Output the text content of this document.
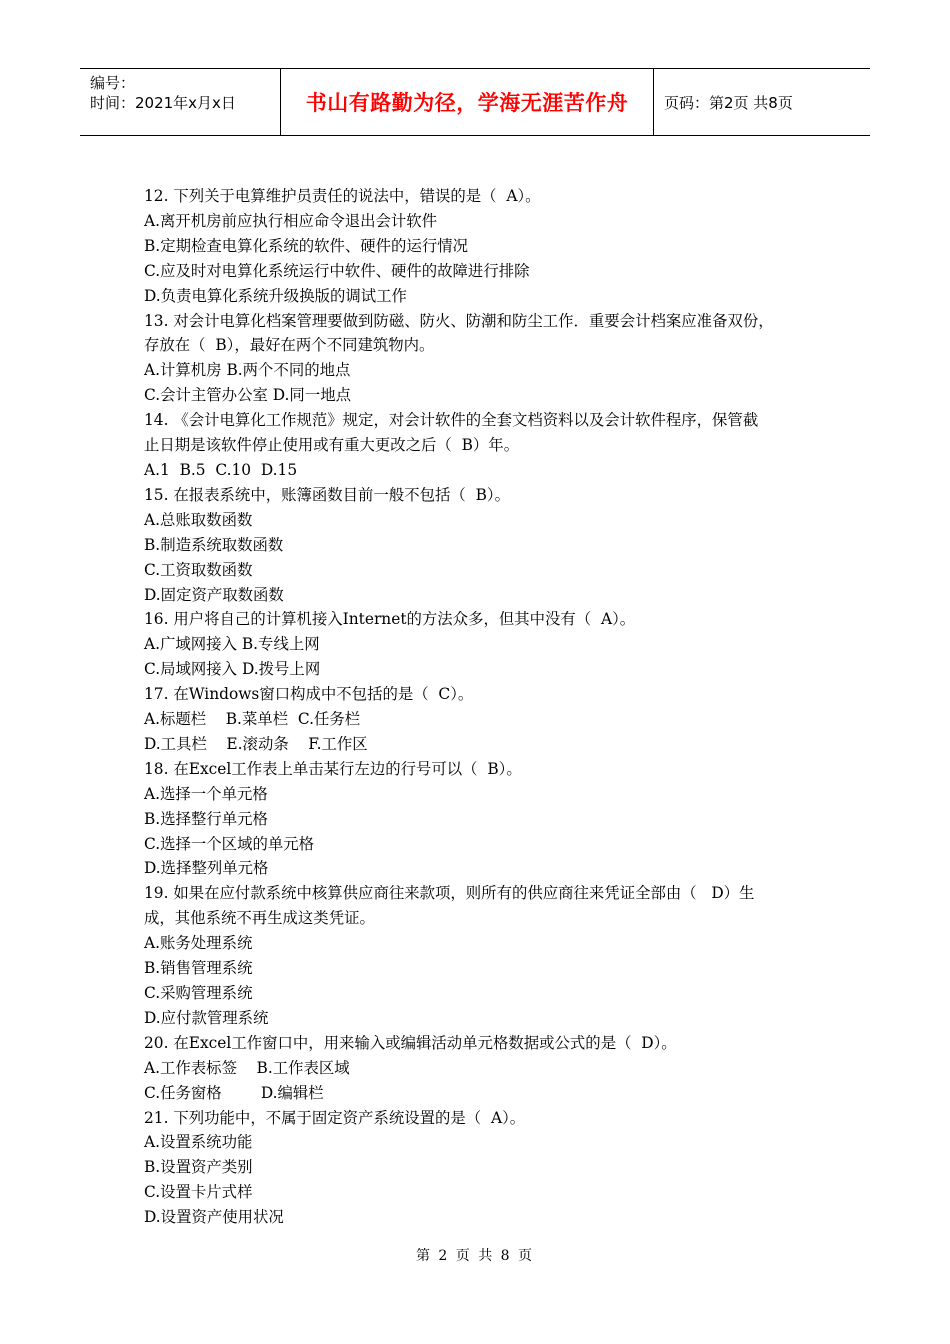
编号：
时间：2021年x月x日	书山有路勤为径，学海无涯苦作舟 页码：第2页 共8页

12. 下列关于电算维护员责任的说法中，错误的是（  A）。

A.离开机房前应执行相应命令退出会计软件

B.定期检查电算化系统的软件、硬件的运行情况

C.应及时对电算化系统运行中软件、硬件的故障进行排除

D.负责电算化系统升级换版的调试工作

13. 对会计电算化档案管理要做到防磁、防火、防潮和防尘工作．重要会计档案应准备双份，

存放在（  B），最好在两个不同建筑物内。

A.计算机房 B.两个不同的地点

C.会计主管办公室 D.同一地点

14. 《会计电算化工作规范》规定，对会计软件的全套文档资料以及会计软件程序，保管截

止日期是该软件停止使用或有重大更改之后（  B）年。

A.1  B.5  C.10  D.15

15. 在报表系统中，账簿函数目前一般不包括（  B）。

A.总账取数函数

B.制造系统取数函数

C.工资取数函数

D.固定资产取数函数

16. 用户将自己的计算机接入Internet的方法众多，但其中没有（  A）。

A.广域网接入 B.专线上网

C.局域网接入 D.拨号上网

17. 在Windows窗口构成中不包括的是（  C）。

A.标题栏    B.菜单栏  C.任务栏

D.工具栏    E.滚动条    F.工作区

18. 在Excel工作表上单击某行左边的行号可以（  B）。

A.选择一个单元格

B.选择整行单元格

C.选择一个区域的单元格

D.选择整列单元格

19. 如果在应付款系统中核算供应商往来款项，则所有的供应商往来凭证全部由（   D）生

成，其他系统不再生成这类凭证。

A.账务处理系统

B.销售管理系统

C.采购管理系统

D.应付款管理系统

20. 在Excel工作窗口中，用来输入或编辑活动单元格数据或公式的是（  D）。

A.工作表标签    B.工作表区域

C.任务窗格        D.编辑栏

21. 下列功能中，不属于固定资产系统设置的是（  A）。

A.设置系统功能

B.设置资产类别

C.设置卡片式样

D.设置资产使用状况

第 2 页 共 8 页
